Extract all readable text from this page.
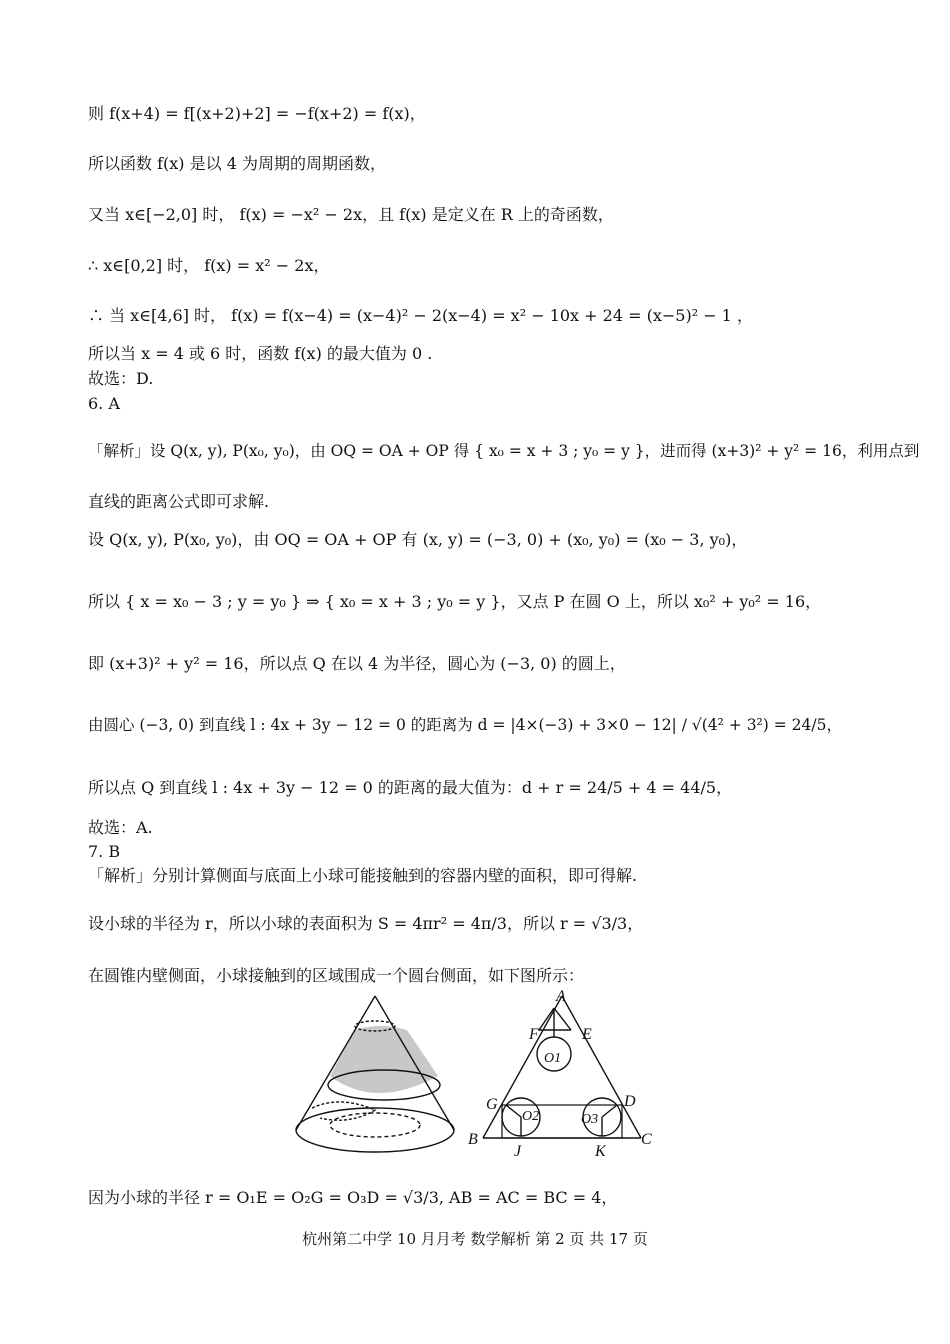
则 f(x+4) = f[(x+2)+2] = −f(x+2) = f(x)，
所以函数 f(x) 是以 4 为周期的周期函数，
又当 x∈[−2,0] 时， f(x) = −x² − 2x，且 f(x) 是定义在 R 上的奇函数，
∴ x∈[0,2] 时， f(x) = x² − 2x，
∴ 当 x∈[4,6] 时， f(x) = f(x−4) = (x−4)² − 2(x−4) = x² − 10x + 24 = (x−5)² − 1 ，
所以当 x = 4 或 6 时，函数 f(x) 的最大值为 0 .
故选：D.
6. A
「解析」设 Q(x, y), P(x₀, y₀)，由 OQ = OA + OP 得 { x₀ = x + 3 ; y₀ = y }，进而得 (x+3)² + y² = 16，利用点到
直线的距离公式即可求解.
设 Q(x, y), P(x₀, y₀)，由 OQ = OA + OP 有 (x, y) = (−3, 0) + (x₀, y₀) = (x₀ − 3, y₀)，
所以 { x = x₀ − 3 ; y = y₀ } ⇒ { x₀ = x + 3 ; y₀ = y }，又点 P 在圆 O 上，所以 x₀² + y₀² = 16，
即 (x+3)² + y² = 16，所以点 Q 在以 4 为半径，圆心为 (−3, 0) 的圆上，
由圆心 (−3, 0) 到直线 l : 4x + 3y − 12 = 0 的距离为 d = |4×(−3) + 3×0 − 12| / √(4² + 3²) = 24/5，
所以点 Q 到直线 l : 4x + 3y − 12 = 0 的距离的最大值为：d + r = 24/5 + 4 = 44/5，
故选：A.
7. B
「解析」分别计算侧面与底面上小球可能接触到的容器内壁的面积，即可得解.
设小球的半径为 r，所以小球的表面积为 S = 4πr² = 4π/3，所以 r = √3/3，
在圆锥内壁侧面，小球接触到的区域围成一个圆台侧面，如下图所示：
A
F	E
O1
G	D
O2	O3
B	C
J	K
因为小球的半径 r = O₁E = O₂G = O₃D = √3/3, AB = AC = BC = 4，
杭州第二中学 10 月月考 数学解析 第 2 页 共 17 页
